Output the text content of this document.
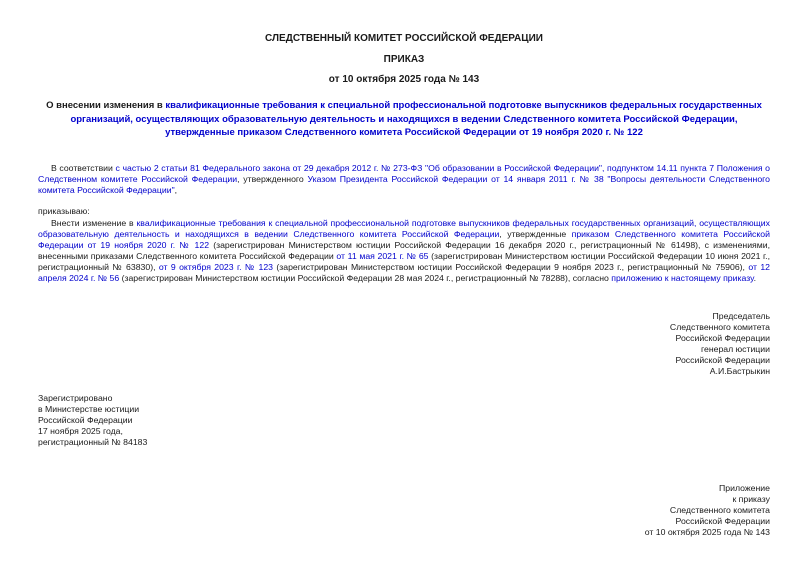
СЛЕДСТВЕННЫЙ КОМИТЕТ РОССИЙСКОЙ ФЕДЕРАЦИИ
ПРИКАЗ
от 10 октября 2025 года № 143
О внесении изменения в квалификационные требования к специальной профессиональной подготовке выпускников федеральных государственных организаций, осуществляющих образовательную деятельность и находящихся в ведении Следственного комитета Российской Федерации, утвержденные приказом Следственного комитета Российской Федерации от 19 ноября 2020 г. № 122

В соответствии с частью 2 статьи 81 Федерального закона от 29 декабря 2012 г. № 273-ФЗ "Об образовании в Российской Федерации", подпунктом 14.11 пункта 7 Положения о Следственном комитете Российской Федерации, утвержденного Указом Президента Российской Федерации от 14 января 2011 г. № 38 "Вопросы деятельности Следственного комитета Российской Федерации",

приказываю:

Внести изменение в квалификационные требования к специальной профессиональной подготовке выпускников федеральных государственных организаций, осуществляющих образовательную деятельность и находящихся в ведении Следственного комитета Российской Федерации, утвержденные приказом Следственного комитета Российской Федерации от 19 ноября 2020 г. № 122 (зарегистрирован Министерством юстиции Российской Федерации 16 декабря 2020 г., регистрационный № 61498), с изменениями, внесенными приказами Следственного комитета Российской Федерации от 11 мая 2021 г. № 65 (зарегистрирован Министерством юстиции Российской Федерации 10 июня 2021 г., регистрационный № 63830), от 9 октября 2023 г. № 123 (зарегистрирован Министерством юстиции Российской Федерации 9 ноября 2023 г., регистрационный № 75906), от 12 апреля 2024 г. № 56 (зарегистрирован Министерством юстиции Российской Федерации 28 мая 2024 г., регистрационный № 78288), согласно приложению к настоящему приказу.

Председатель
Следственного комитета
Российской Федерации
генерал юстиции
Российской Федерации
А.И.Бастрыкин
Зарегистрировано
в Министерстве юстиции
Российской Федерации
17 ноября 2025 года,
регистрационный № 84183
Приложение
к приказу
Следственного комитета
Российской Федерации
от 10 октября 2025 года № 143
